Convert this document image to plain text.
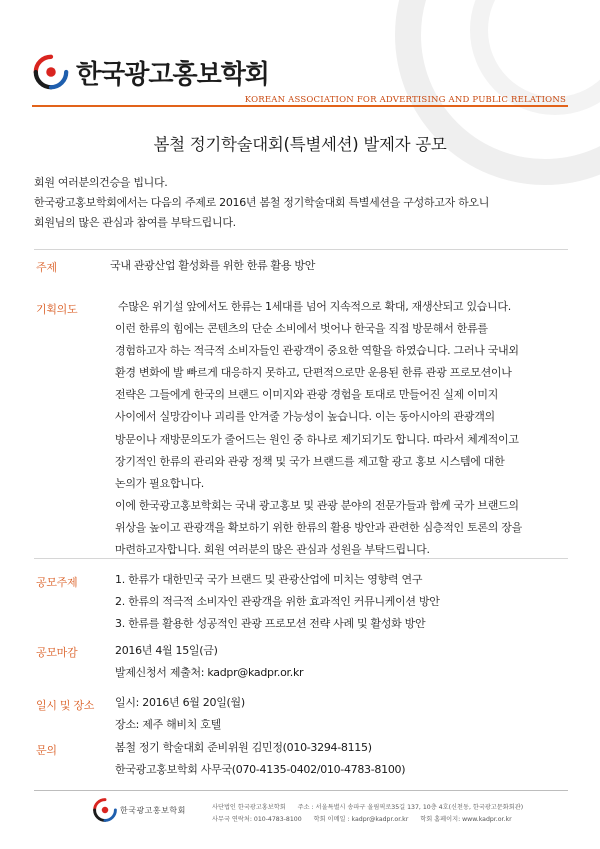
한국광고홍보학회
KOREAN ASSOCIATION FOR ADVERTISING AND PUBLIC RELATIONS
봄철 정기학술대회(특별세션) 발제자 공모
회원 여러분의건승을 빕니다.
한국광고홍보학회에서는 다음의 주제로 2016년 봄철 정기학술대회 특별세션을 구성하고자 하오니
회원님의 많은 관심과 참여를 부탁드립니다.
주제	국내 관광산업 활성화를 위한 한류 활용 방안
기획의도	수많은 위기설 앞에서도 한류는 1세대를 넘어 지속적으로 확대, 재생산되고 있습니다.
이런 한류의 힘에는 콘텐츠의 단순 소비에서 벗어나 한국을 직접 방문해서 한류를
경험하고자 하는 적극적 소비자들인 관광객이 중요한 역할을 하였습니다. 그러나 국내외
환경 변화에 발 빠르게 대응하지 못하고, 단편적으로만 운용된 한류 관광 프로모션이나
전략은 그들에게 한국의 브랜드 이미지와 관광 경험을 토대로 만들어진 실제 이미지
사이에서 실망감이나 괴리를 안겨줄 가능성이 높습니다. 이는 동아시아의 관광객의
방문이나 재방문의도가 줄어드는 원인 중 하나로 제기되기도 합니다. 따라서 체계적이고
장기적인 한류의 관리와 관광 정책 및 국가 브랜드를 제고할 광고 홍보 시스템에 대한
논의가 필요합니다.
이에 한국광고홍보학회는 국내 광고홍보 및 관광 분야의 전문가들과 함께 국가 브랜드의
위상을 높이고 관광객을 확보하기 위한 한류의 활용 방안과 관련한 심층적인 토론의 장을
마련하고자합니다. 회원 여러분의 많은 관심과 성원을 부탁드립니다.
공모주제	1. 한류가 대한민국 국가 브랜드 및 관광산업에 미치는 영향력 연구
2. 한류의 적극적 소비자인 관광객을 위한 효과적인 커뮤니케이션 방안
3. 한류를 활용한 성공적인 관광 프로모션 전략 사례 및 활성화 방안
공모마감	2016년 4월 15일(금)
발제신청서 제출처: kadpr@kadpr.or.kr
일시 및 장소 일시: 2016년 6월 20일(월)
장소: 제주 해비치 호텔
문의	봄철 정기 학술대회 준비위원 김민정(010-3294-8115)
한국광고홍보학회 사무국(070-4135-0402/010-4783-8100)
한국광고홍보학회	사단법인 한국광고홍보학회 주소 : 서울특별시 송파구 올림픽로35길 137, 10층 4호(신천동, 한국광고문화회관)
사무국 연락처: 010-4783-8100 학회 이메일 : kadpr@kadpr.or.kr 학회 홈페이지: www.kadpr.or.kr
